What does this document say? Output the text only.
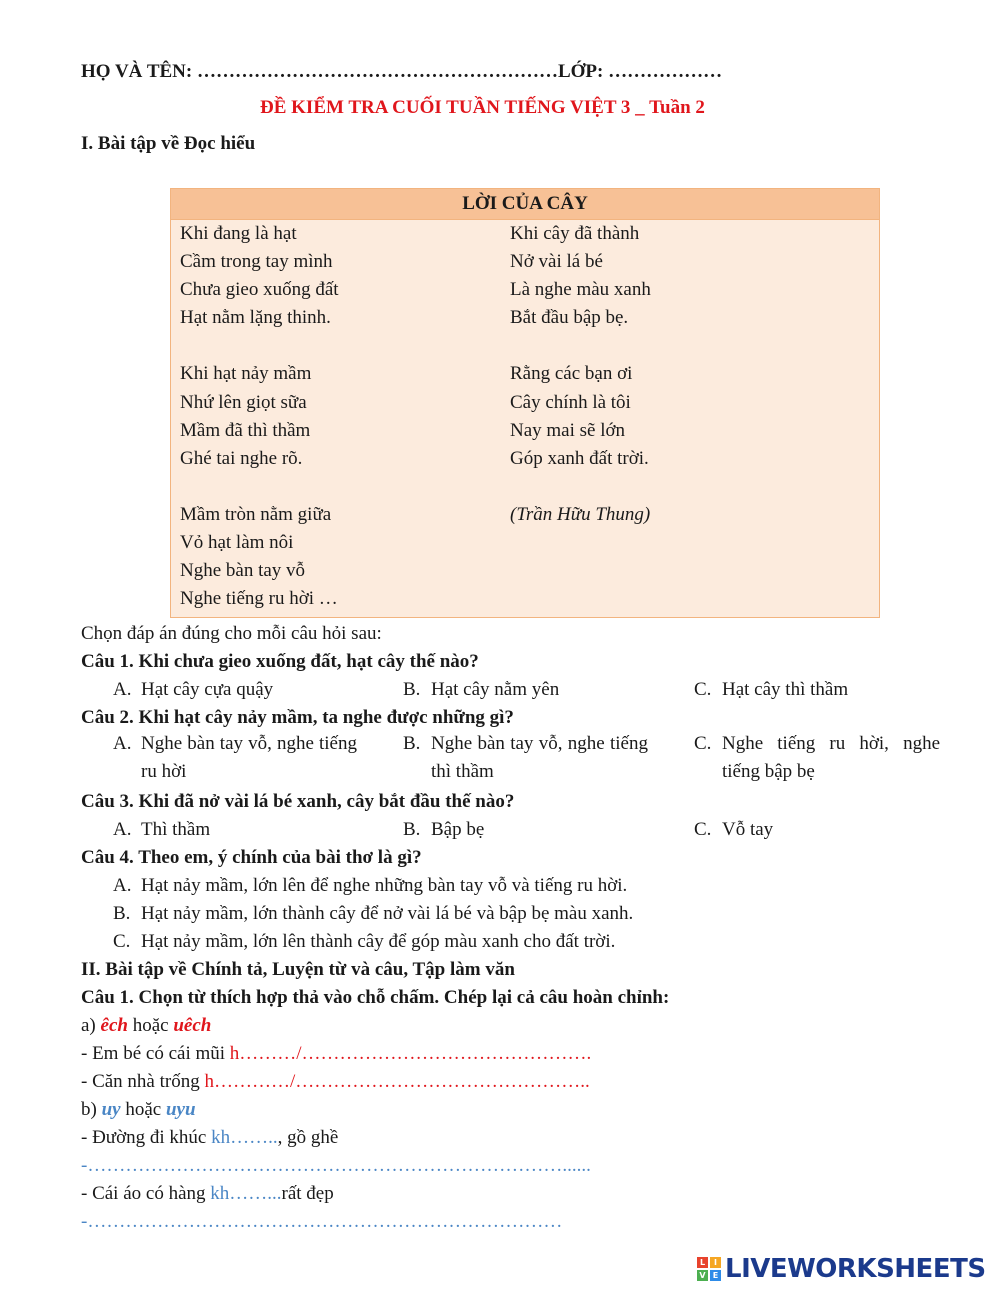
HỌ VÀ TÊN: …………………………………………………LỚP: ………………
ĐỀ KIỂM TRA CUỐI TUẦN TIẾNG VIỆT 3 _ Tuần 2
I. Bài tập về Đọc hiểu
LỜI CỦA CÂY
Khi đang là hạt
Cầm trong tay mình
Chưa gieo xuống đất
Hạt nằm lặng thinh.
Khi hạt nảy mầm
Nhứ lên giọt sữa
Mầm đã thì thầm
Ghé tai nghe rõ.
Mầm tròn nằm giữa
Vỏ hạt làm nôi
Nghe bàn tay vỗ
Nghe tiếng ru hời …
Khi cây đã thành
Nở vài lá bé
Là nghe màu xanh
Bắt đầu bập bẹ.
Rằng các bạn ơi
Cây chính là tôi
Nay mai sẽ lớn
Góp xanh đất trời.
(Trần Hữu Thung)
Chọn đáp án đúng cho mỗi câu hỏi sau:
Câu 1. Khi chưa gieo xuống đất, hạt cây thế nào?
A. Hạt cây cựa quậy	B. Hạt cây nằm yên	C. Hạt cây thì thầm
Câu 2. Khi hạt cây nảy mầm, ta nghe được những gì?
A. Nghe bàn tay vỗ, nghe tiếng ru hời
B. Nghe bàn tay vỗ, nghe tiếng thì thầm
C. Nghe tiếng ru hời, nghe tiếng bập bẹ
Câu 3. Khi đã nở vài lá bé xanh, cây bắt đầu thế nào?
A. Thì thầm	B. Bập bẹ	C. Vỗ tay
Câu 4. Theo em, ý chính của bài thơ là gì?
A. Hạt nảy mầm, lớn lên để nghe những bàn tay vỗ và tiếng ru hời.
B. Hạt nảy mầm, lớn thành cây để nở vài lá bé và bập bẹ màu xanh.
C. Hạt nảy mầm, lớn lên thành cây để góp màu xanh cho đất trời.
II. Bài tập về Chính tả, Luyện từ và câu, Tập làm văn
Câu 1. Chọn từ thích hợp thả vào chỗ chấm. Chép lại cả câu hoàn chỉnh:
a) êch hoặc uêch
- Em bé có cái mũi h………/……………………………………….
- Căn nhà trống h…………/………………………………………..
b) uy hoặc uyu
- Đường đi khúc kh…….., gồ ghề
-…………………………………………………………………......
- Cái áo có hàng kh……...rất đẹp
-…………………………………………………………………
L	I
V E LIVEWORKSHEETS
